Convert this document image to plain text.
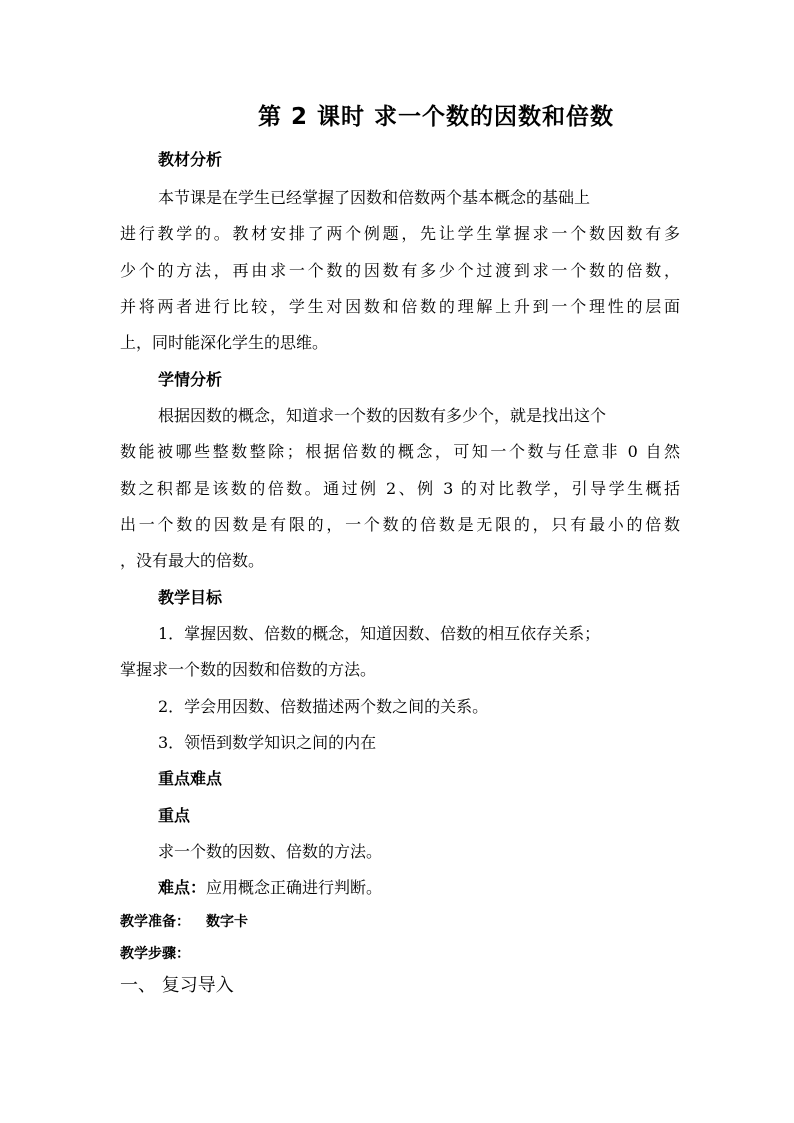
第 2 课时 求一个数的因数和倍数
教材分析
本节课是在学生已经掌握了因数和倍数两个基本概念的基础上
进行教学的。教材安排了两个例题，先让学生掌握求一个数因数有多
少个的方法，再由求一个数的因数有多少个过渡到求一个数的倍数，
并将两者进行比较，学生对因数和倍数的理解上升到一个理性的层面
上，同时能深化学生的思维。
学情分析
根据因数的概念，知道求一个数的因数有多少个，就是找出这个
数能被哪些整数整除；根据倍数的概念，可知一个数与任意非 0 自然
数之积都是该数的倍数。通过例 2、例 3 的对比教学，引导学生概括
出一个数的因数是有限的，一个数的倍数是无限的，只有最小的倍数
，没有最大的倍数。
教学目标
1．掌握因数、倍数的概念，知道因数、倍数的相互依存关系；
掌握求一个数的因数和倍数的方法。
2．学会用因数、倍数描述两个数之间的关系。
3．领悟到数学知识之间的内在
重点难点
重点
求一个数的因数、倍数的方法。
难点：应用概念正确进行判断。
教学准备： 数字卡
教学步骤：
一、 复习导入
